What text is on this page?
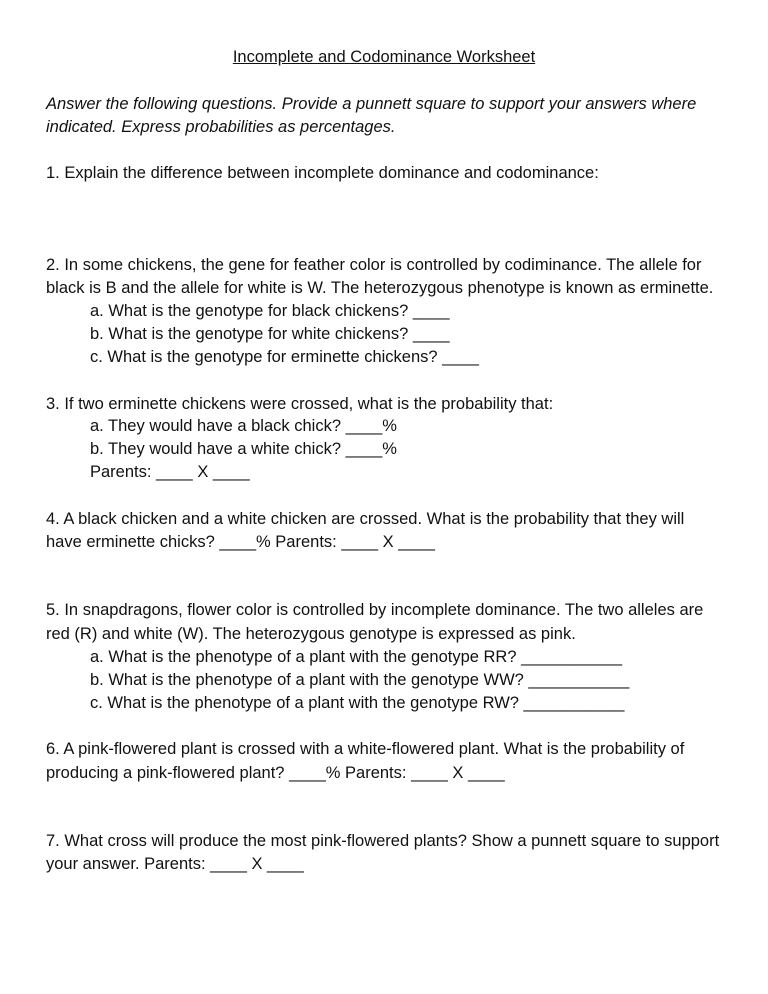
Incomplete and Codominance Worksheet
Answer the following questions. Provide a punnett square to support your answers where
indicated. Express probabilities as percentages.
1. Explain the difference between incomplete dominance and codominance:
2. In some chickens, the gene for feather color is controlled by codiminance. The allele for
black is B and the allele for white is W. The heterozygous phenotype is known as erminette.
a. What is the genotype for black chickens? ____
b. What is the genotype for white chickens? ____
c. What is the genotype for erminette chickens? ____
3. If two erminette chickens were crossed, what is the probability that:
a. They would have a black chick? ____%
b. They would have a white chick? ____%
Parents: ____ X ____
4. A black chicken and a white chicken are crossed. What is the probability that they will
have erminette chicks? ____% Parents: ____ X ____
5. In snapdragons, flower color is controlled by incomplete dominance. The two alleles are
red (R) and white (W). The heterozygous genotype is expressed as pink.
a. What is the phenotype of a plant with the genotype RR? ___________
b. What is the phenotype of a plant with the genotype WW? ___________
c. What is the phenotype of a plant with the genotype RW? ___________
6. A pink-flowered plant is crossed with a white-flowered plant. What is the probability of
producing a pink-flowered plant? ____% Parents: ____ X ____
7. What cross will produce the most pink-flowered plants? Show a punnett square to support
your answer. Parents: ____ X ____
